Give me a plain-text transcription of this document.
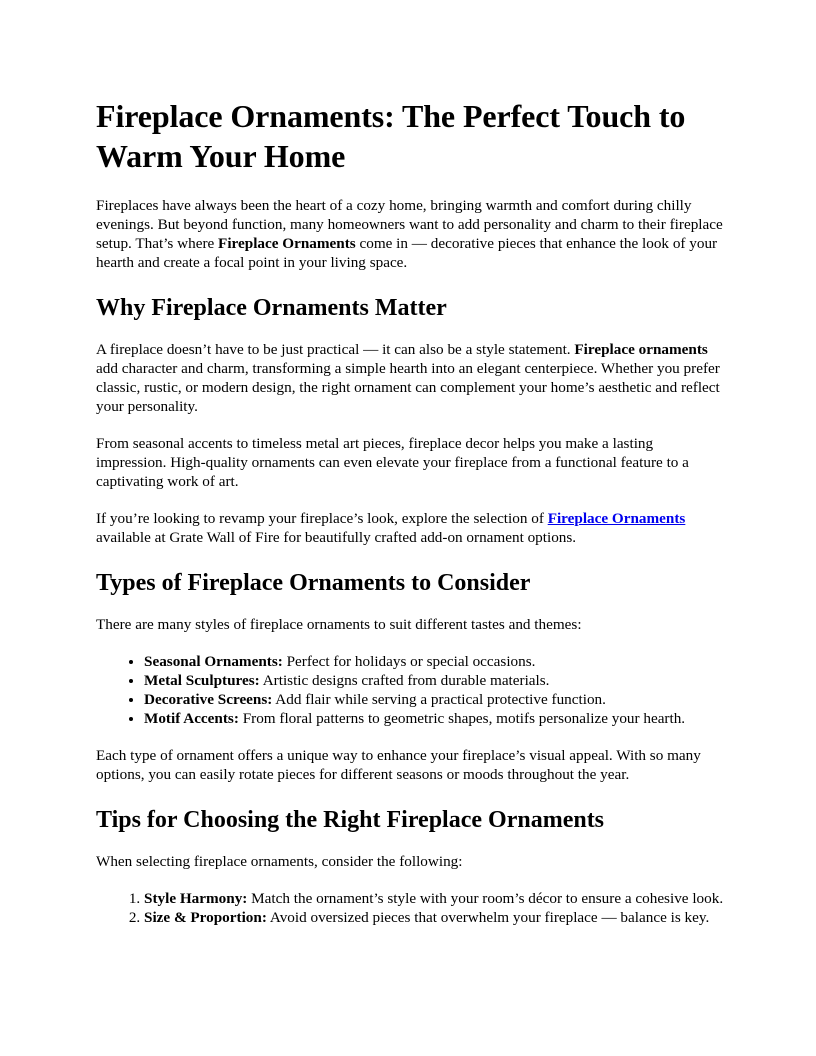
Fireplace Ornaments: The Perfect Touch to Warm Your Home

Fireplaces have always been the heart of a cozy home, bringing warmth and comfort during chilly evenings. But beyond function, many homeowners want to add personality and charm to their fireplace setup. That’s where Fireplace Ornaments come in — decorative pieces that enhance the look of your hearth and create a focal point in your living space.

Why Fireplace Ornaments Matter

A fireplace doesn’t have to be just practical — it can also be a style statement. Fireplace ornaments add character and charm, transforming a simple hearth into an elegant centerpiece. Whether you prefer classic, rustic, or modern design, the right ornament can complement your home’s aesthetic and reflect your personality.

From seasonal accents to timeless metal art pieces, fireplace decor helps you make a lasting impression. High-quality ornaments can even elevate your fireplace from a functional feature to a captivating work of art.

If you’re looking to revamp your fireplace’s look, explore the selection of Fireplace Ornaments available at Grate Wall of Fire for beautifully crafted add-on ornament options.

Types of Fireplace Ornaments to Consider

There are many styles of fireplace ornaments to suit different tastes and themes:

• Seasonal Ornaments: Perfect for holidays or special occasions.
• Metal Sculptures: Artistic designs crafted from durable materials.
• Decorative Screens: Add flair while serving a practical protective function.
• Motif Accents: From floral patterns to geometric shapes, motifs personalize your hearth.

Each type of ornament offers a unique way to enhance your fireplace’s visual appeal. With so many options, you can easily rotate pieces for different seasons or moods throughout the year.

Tips for Choosing the Right Fireplace Ornaments

When selecting fireplace ornaments, consider the following:

1. Style Harmony: Match the ornament’s style with your room’s décor to ensure a cohesive look.
2. Size & Proportion: Avoid oversized pieces that overwhelm your fireplace — balance is key.
